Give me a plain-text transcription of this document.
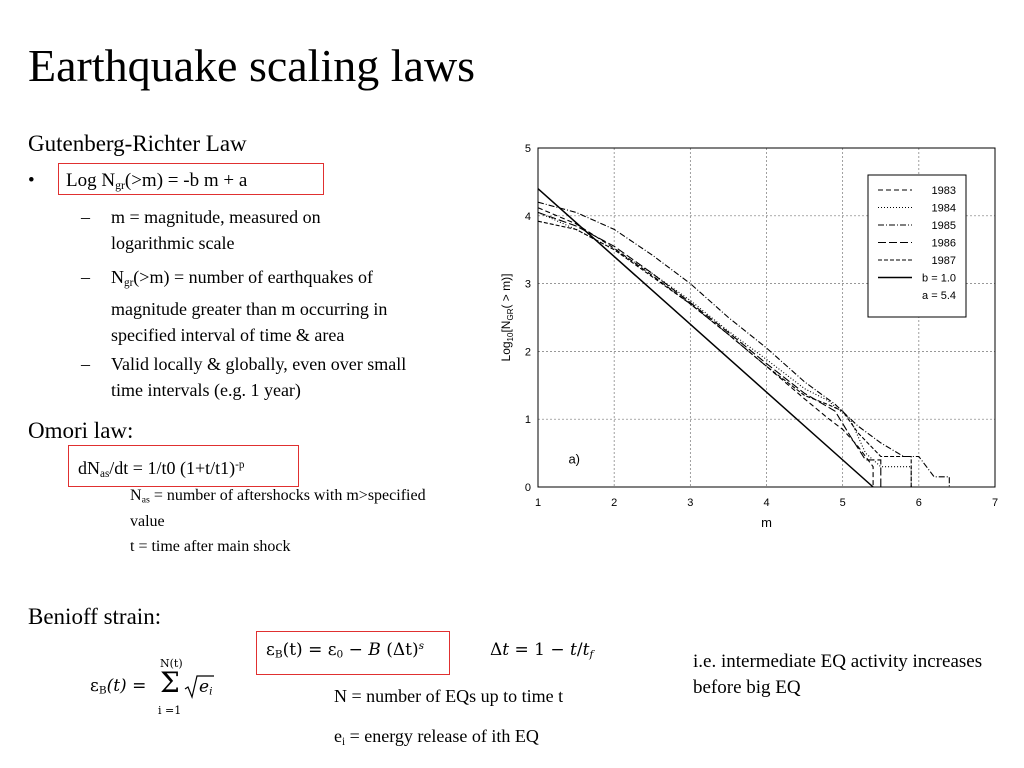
Earthquake scaling laws
Gutenberg-Richter Law
• Log $N_{gr}(>m) = -b$ m + a
– m = magnitude, measured on logarithmic scale
– $N_{gr}(>m)$ = number of earthquakes of magnitude greater than m occurring in specified interval of time & area
– Valid locally & globally, even over small time intervals (e.g. 1 year)
Omori law:
$dN_{as}/dt = 1/t0$ $(1+t/t1)^{-p}$
$N_{as}$ = number of aftershocks with m>specified value
t = time after main shock
Benioff strain:
$\varepsilon_B(t)$ =
N(t)
Σ
i =1
$e_i$
$\varepsilon_B(t) = \varepsilon_0 - B$ $(\Delta t)^s$	$\Delta t = 1 - t/t_f$
N = number of EQs up to time t
$e_i$ = energy release of ith EQ
i.e. intermediate EQ activity increases before big EQ
1	2	3	4	5	6	7
0
1
2
3
4
5
a)
m
$Log_{10}[N_{GR}( > m)]$
1983
1984
1985
1986
1987
b = 1.0
a = 5.4
